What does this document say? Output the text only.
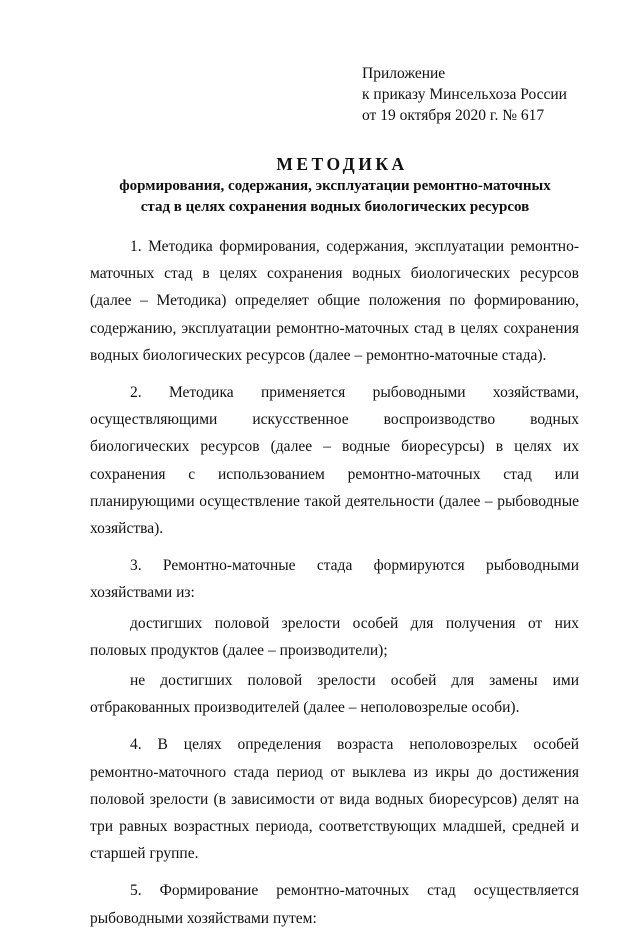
Приложение
к приказу Минсельхоза России
от 19 октября 2020 г. № 617
МЕТОДИКА
формирования, содержания, эксплуатации ремонтно-маточных
стад в целях сохранения водных биологических ресурсов

1. Методика формирования, содержания, эксплуатации ремонтно-маточных стад в целях сохранения водных биологических ресурсов (далее – Методика) определяет общие положения по формированию, содержанию, эксплуатации ремонтно-маточных стад в целях сохранения водных биологических ресурсов (далее – ремонтно-маточные стада).

2. Методика применяется рыбоводными хозяйствами, осуществляющими искусственное воспроизводство водных биологических ресурсов (далее – водные биоресурсы) в целях их сохранения с использованием ремонтно-маточных стад или планирующими осуществление такой деятельности (далее – рыбоводные хозяйства).

3. Ремонтно-маточные стада формируются рыбоводными хозяйствами из:

достигших половой зрелости особей для получения от них половых продуктов (далее – производители);

не достигших половой зрелости особей для замены ими отбракованных производителей (далее – неполовозрелые особи).

4. В целях определения возраста неполовозрелых особей ремонтно-маточного стада период от выклева из икры до достижения половой зрелости (в зависимости от вида водных биоресурсов) делят на три равных возрастных периода, соответствующих младшей, средней и старшей группе.

5. Формирование ремонтно-маточных стад осуществляется рыбоводными хозяйствами путем:
